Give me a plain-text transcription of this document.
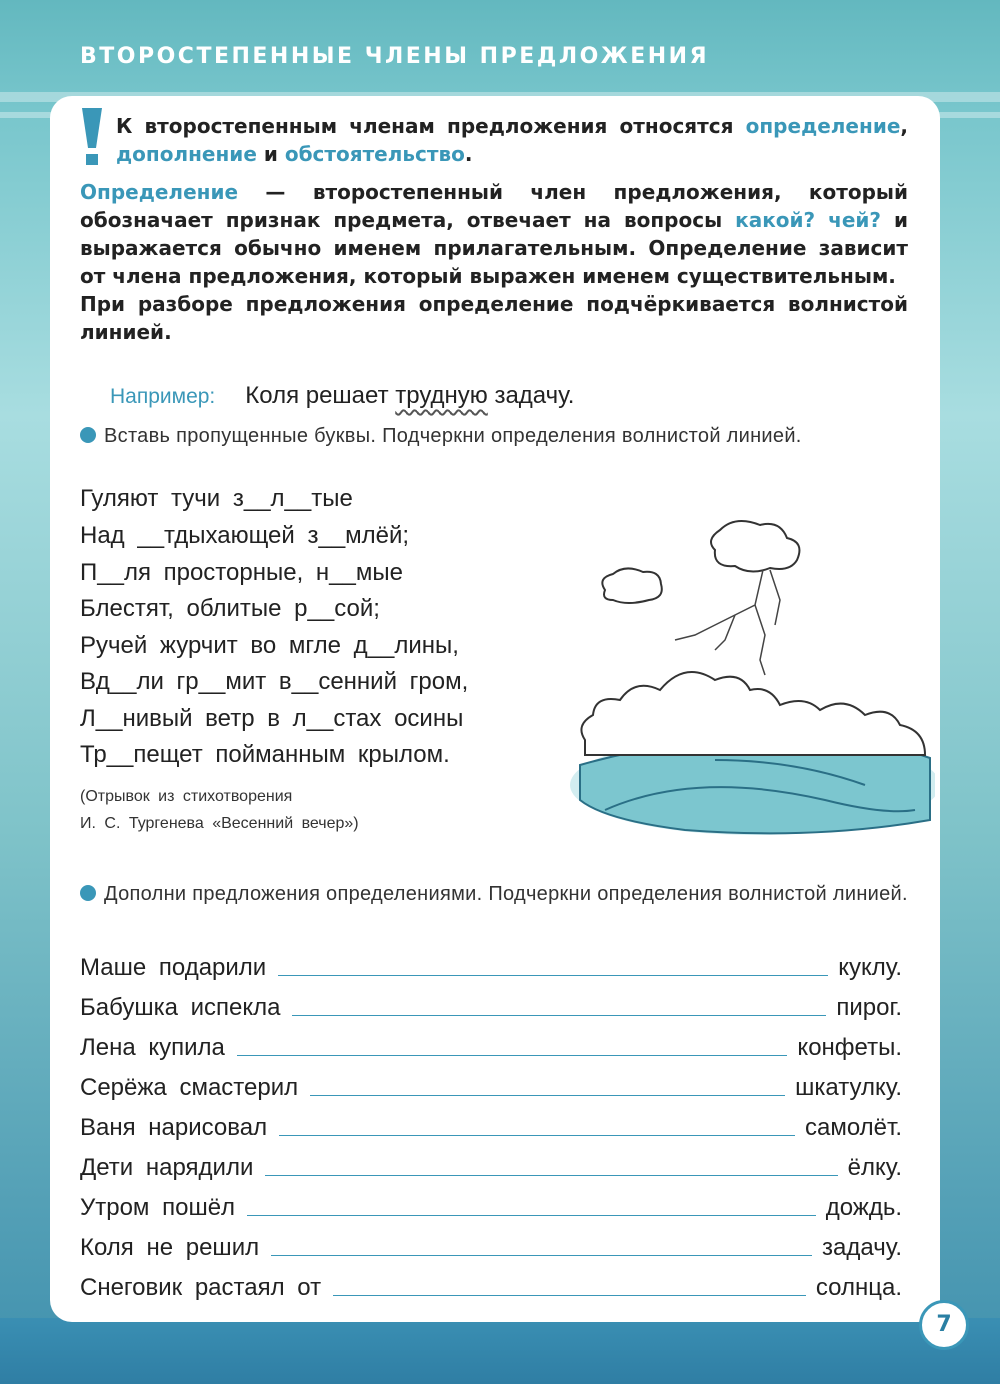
ВТОРОСТЕПЕННЫЕ ЧЛЕНЫ ПРЕДЛОЖЕНИЯ
К второстепенным членам предложения относятся определение, дополнение и обстоятельство.
Определение — второстепенный член предложения, который обозначает признак предмета, отвечает на вопросы какой? чей? и выражается обычно именем прилагательным. Определение зависит от члена предложения, который выражен именем существительным.
При разборе предложения определение подчёркивается волнистой линией.
Например: Коля решает трудную задачу.
Вставь пропущенные буквы. Подчеркни определения волнистой линией.
Гуляют тучи з__л__тые
Над __тдыхающей з__млёй;
П__ля просторные, н__мые
Блестят, облитые р__сой;
Ручей журчит во мгле д__лины,
Вд__ли гр__мит в__сенний гром,
Л__нивый ветр в л__стах осины
Тр__пещет пойманным крылом.
(Отрывок из стихотворения
И. С. Тургенева «Весенний вечер»)
Дополни предложения определениями. Подчеркни определения волнистой линией.
Маше подарили	куклу.
Бабушка испекла	пирог.
Лена купила	конфеты.
Серёжа смастерил	шкатулку.
Ваня нарисовал	самолёт.
Дети нарядили	ёлку.
Утром пошёл	дождь.
Коля не решил	задачу.
Снеговик растаял от	солнца.
7
